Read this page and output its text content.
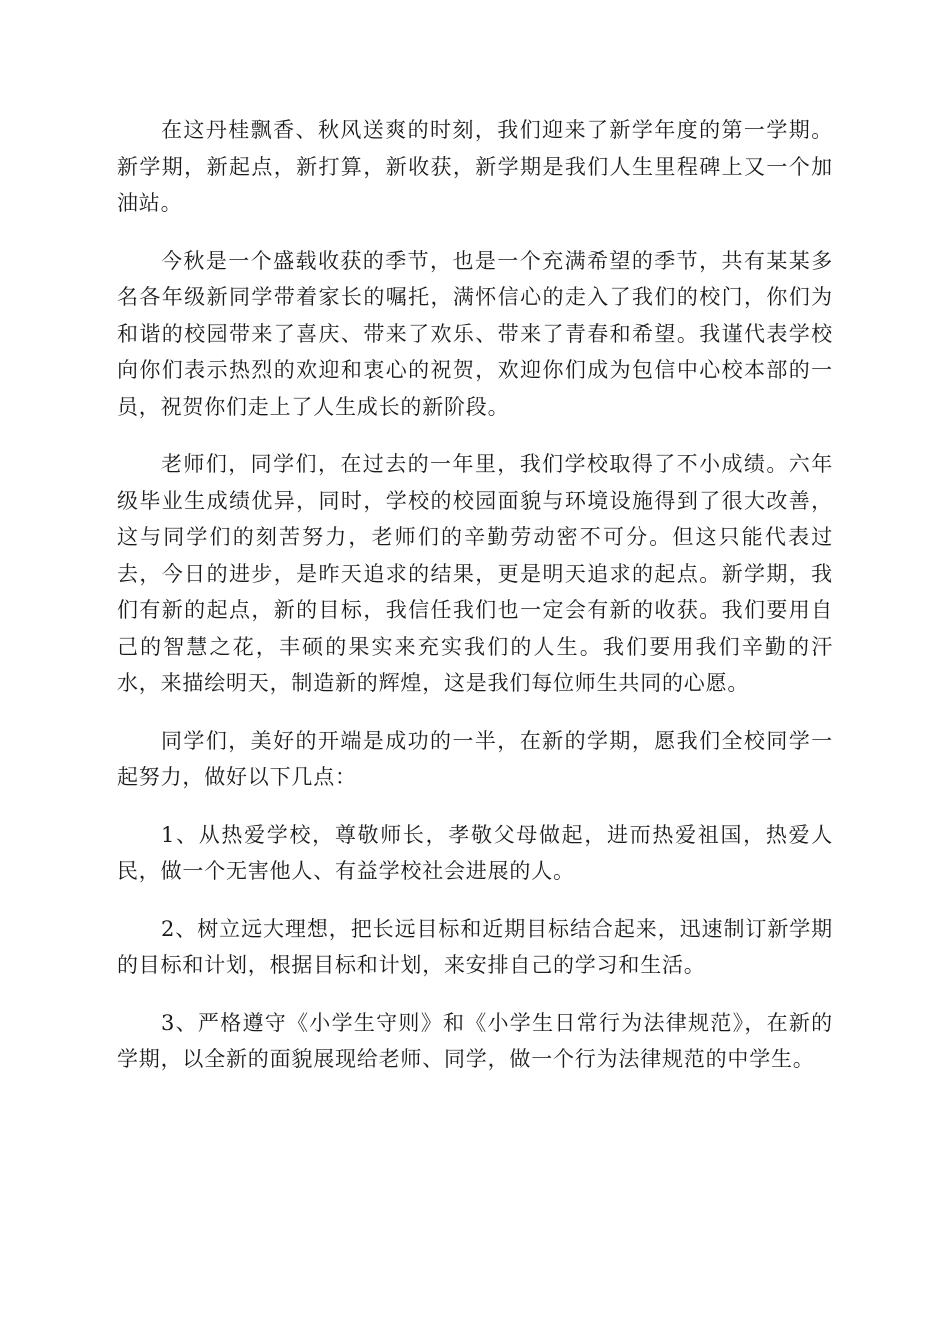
在这丹桂飘香、秋风送爽的时刻，我们迎来了新学年度的第一学期。新学期，新起点，新打算，新收获，新学期是我们人生里程碑上又一个加油站。

今秋是一个盛载收获的季节，也是一个充满希望的季节，共有某某多名各年级新同学带着家长的嘱托，满怀信心的走入了我们的校门，你们为和谐的校园带来了喜庆、带来了欢乐、带来了青春和希望。我谨代表学校向你们表示热烈的欢迎和衷心的祝贺，欢迎你们成为包信中心校本部的一员，祝贺你们走上了人生成长的新阶段。

老师们，同学们，在过去的一年里，我们学校取得了不小成绩。六年级毕业生成绩优异，同时，学校的校园面貌与环境设施得到了很大改善，这与同学们的刻苦努力，老师们的辛勤劳动密不可分。但这只能代表过去，今日的进步，是昨天追求的结果，更是明天追求的起点。新学期，我们有新的起点，新的目标，我信任我们也一定会有新的收获。我们要用自己的智慧之花，丰硕的果实来充实我们的人生。我们要用我们辛勤的汗水，来描绘明天，制造新的辉煌，这是我们每位师生共同的心愿。

同学们，美好的开端是成功的一半，在新的学期，愿我们全校同学一起努力，做好以下几点：

1、从热爱学校，尊敬师长，孝敬父母做起，进而热爱祖国，热爱人民，做一个无害他人、有益学校社会进展的人。

2、树立远大理想，把长远目标和近期目标结合起来，迅速制订新学期的目标和计划，根据目标和计划，来安排自己的学习和生活。

3、严格遵守《小学生守则》和《小学生日常行为法律规范》，在新的学期，以全新的面貌展现给老师、同学，做一个行为法律规范的中学生。
